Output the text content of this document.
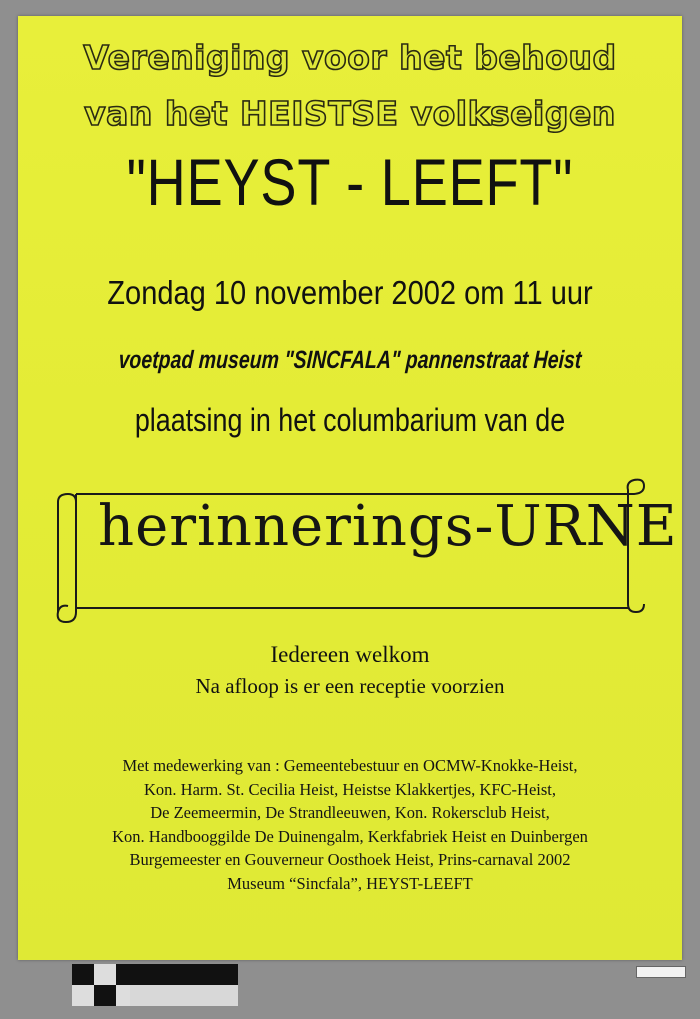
Vereniging voor het behoud

van het HEISTSE volkseigen

"HEYST - LEEFT"

Zondag 10 november 2002 om 11 uur

voetpad museum "SINCFALA" pannenstraat Heist

plaatsing in het columbarium van de

herinnerings-URNE

Iedereen welkom

Na afloop is er een receptie voorzien

Met medewerking van : Gemeentebestuur en OCMW-Knokke-Heist,
Kon. Harm. St. Cecilia Heist, Heistse Klakkertjes, KFC-Heist,
De Zeemeermin, De Strandleeuwen, Kon. Rokersclub Heist,
Kon. Handbooggilde De Duinengalm, Kerkfabriek Heist en Duinbergen
Burgemeester en Gouverneur Oosthoek Heist, Prins-carnaval 2002
Museum “Sincfala”, HEYST-LEEFT
